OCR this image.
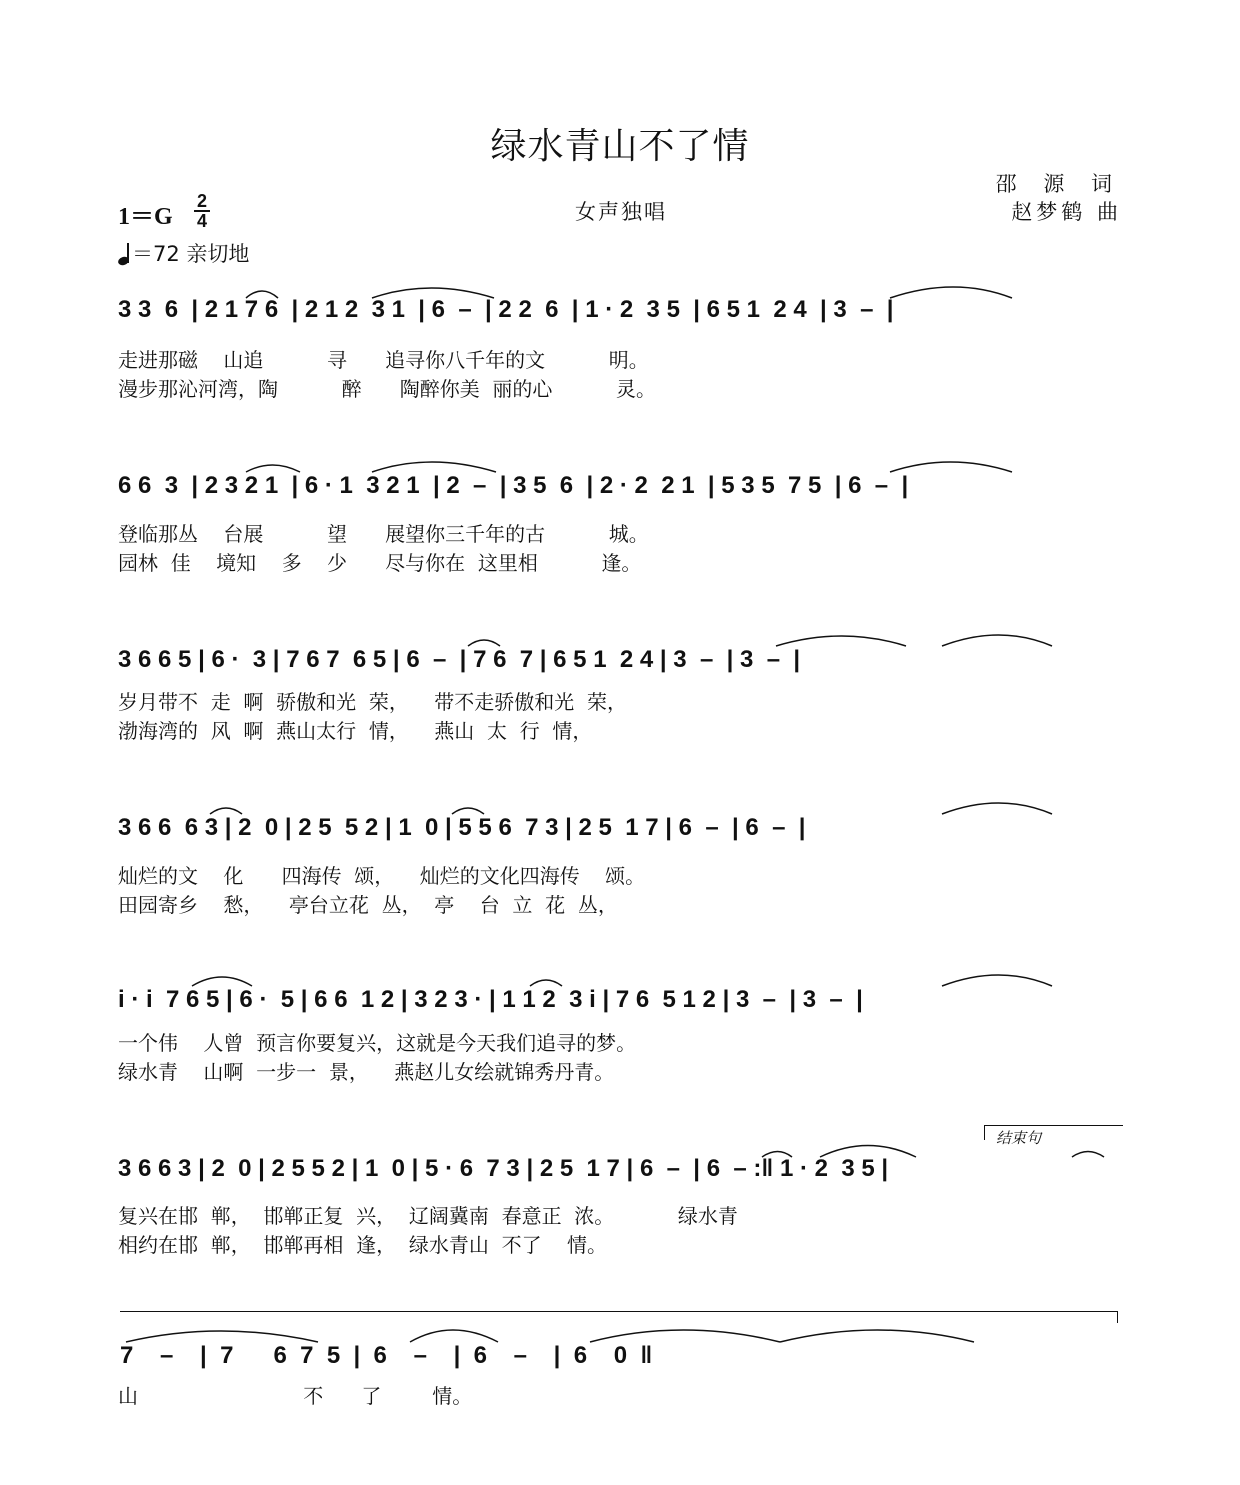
绿水青山不了情
邵 源 词
赵梦鹤 曲
1＝G
2
4	女声独唱
＝72 亲切地
3 3  6  | 2 1 7 6  | 2 1 2  3 1  | 6  –  | 2 2  6  | 1 · 2  3 5  | 6 5 1  2 4  | 3  –  |
走进那磁    山追          寻      追寻你八千年的文          明。
漫步那沁河湾，陶          醉      陶醉你美  丽的心          灵。
6 6  3  | 2 3 2 1  | 6 · 1  3 2 1  | 2  –  | 3 5  6  | 2 · 2  2 1  | 5 3 5  7 5  | 6  –  |
登临那丛    台展          望      展望你三千年的古          城。
园林  佳    境知    多    少      尽与你在  这里相          逢。
3 6 6 5 | 6 ·  3 | 7 6 7  6 5 | 6  –  | 7 6  7 | 6 5 1  2 4 | 3  –  | 3  –  |
岁月带不  走  啊  骄傲和光  荣，    带不走骄傲和光  荣，
渤海湾的  风  啊  燕山太行  情，    燕山  太  行  情，
3 6 6  6 3 | 2  0 | 2 5  5 2 | 1  0 | 5 5 6  7 3 | 2 5  1 7 | 6  –  | 6  –  |
灿烂的文    化      四海传  颂，    灿烂的文化四海传    颂。
田园寄乡    愁，    亭台立花  丛，  亭    台  立  花  丛，
i · i  7 6 5 | 6 ·  5 | 6 6  1 2 | 3 2 3 · | 1 1 2  3 i | 7 6  5 1 2 | 3  –  | 3  –  |
一个伟    人曾  预言你要复兴，这就是今天我们追寻的梦。
绿水青    山啊  一步一  景，    燕赵儿女绘就锦秀丹青。
结束句
3 6 6 3 | 2  0 | 2 5 5 2 | 1  0 | 5 · 6  7 3 | 2 5  1 7 | 6  –  | 6  – :‖ 1 · 2  3 5 |
复兴在邯  郸，  邯郸正复  兴，  辽阔冀南  春意正  浓。          绿水青
相约在邯  郸，  邯郸再相  逢，  绿水青山  不了    情。
7    –    |  7      6  7  5  |  6    –    |  6    –    |  6    0  ‖
山                          不      了        情。
